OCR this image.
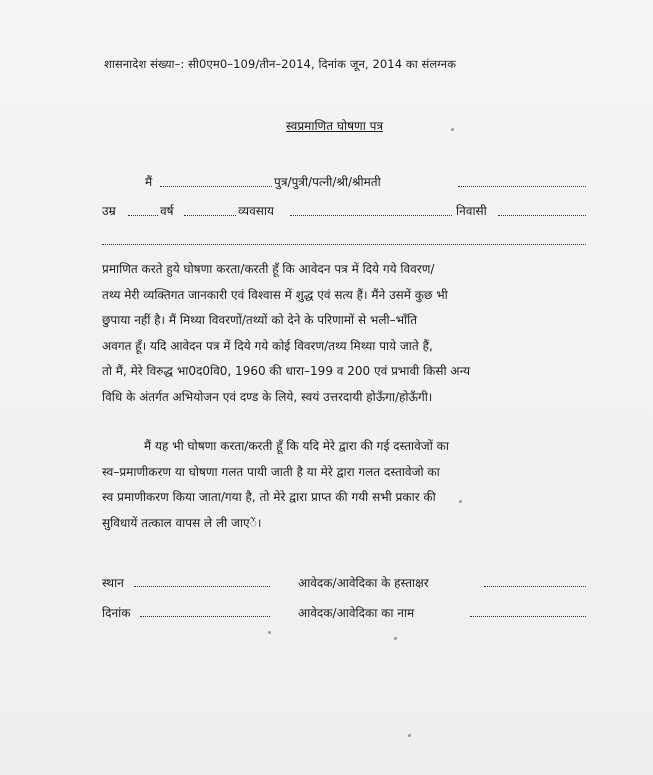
शासनादेश संख्या–: सी0एम0–109/तीन–2014, दिनांक जून, 2014 का संलग्नक
स्वप्रमाणित घोषणा पत्र
मैं	पुत्र/पुत्री/पत्नी/श्री/श्रीमती
उम्र	वर्ष	व्यवसाय	निवासी
प्रमाणित करते हुये घोषणा करता/करती हूँ कि आवेदन पत्र में दिये गये विवरण/
तथ्य मेरी व्यक्तिगत जानकारी एवं विश्वास में शुद्ध एवं सत्य हैं। मैंने उसमें कुछ भी
छुपाया नहीं है। मैं मिथ्या विवरणों/तथ्यों को देने के परिणामों से भली–भाँति
अवगत हूँ। यदि आवेदन पत्र में दिये गये कोई विवरण/तथ्य मिथ्या पाये जाते हैं,
तो मैं, मेरे विरुद्ध भा0द0वि0, 1960 की धारा–199 व 200 एवं प्रभावी किसी अन्य
विधि के अंतर्गत अभियोजन एवं दण्ड के लिये, स्वयं उत्तरदायी होऊँगा/होऊँगी।
मैं यह भी घोषणा करता/करती हूँ कि यदि मेरे द्वारा की गई दस्तावेजों का
स्व–प्रमाणीकरण या घोषणा गलत पायी जाती है या मेरे द्वारा गलत दस्तावेजो का
स्व प्रमाणीकरण किया जाता/गया है, तो मेरे द्वारा प्राप्त की गयी सभी प्रकार की
सुविधायें तत्काल वापस ले ली जाएें।
स्थान	आवेदक/आवेदिका के हस्ताक्षर
दिनांक	आवेदक/आवेदिका का नाम
